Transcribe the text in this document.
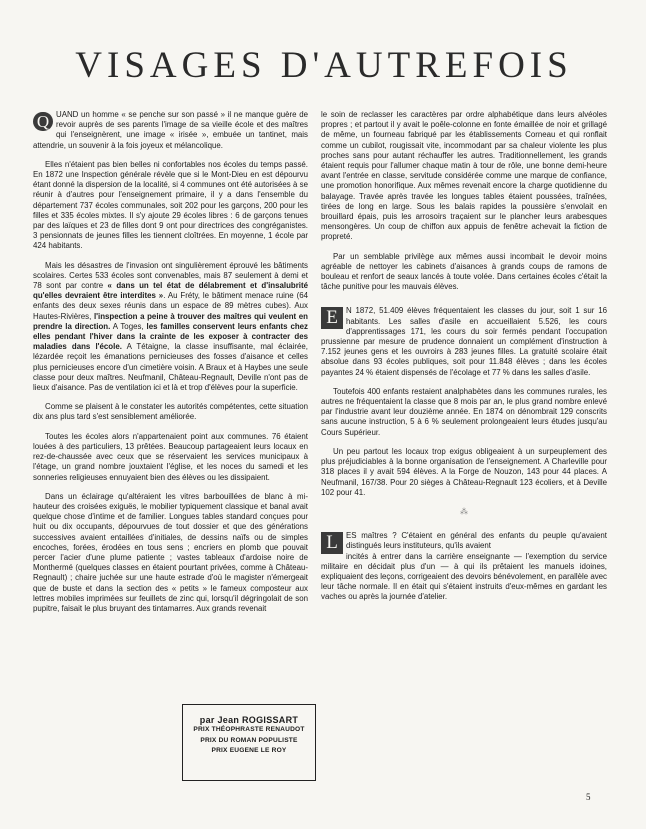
VISAGES D'AUTREFOIS

Q UAND un homme « se penche sur son passé » il ne manque guère de revoir auprès de ses parents l'image de sa vieille école et des maîtres qui l'enseignèrent, une image « irisée », embuée un tantinet, mais attendrie, un souvenir à la fois joyeux et mélancolique.

Elles n'étaient pas bien belles ni confortables nos écoles du temps passé. En 1872 une Inspection générale révèle que si le Mont-Dieu en est dépourvu étant donné la dispersion de la localité, si 4 communes ont été autorisées à se réunir à d'autres pour l'enseignement primaire, il y a dans l'ensemble du département 737 écoles communales, soit 202 pour les garçons, 200 pour les filles et 335 écoles mixtes. Il s'y ajoute 29 écoles libres : 6 de garçons tenues par des laïques et 23 de filles dont 9 ont pour directrices des congréganistes. 3 pensionnats de jeunes filles les tiennent cloîtrées. En moyenne, 1 école par 424 habitants.

Mais les désastres de l'invasion ont singulièrement éprouvé les bâtiments scolaires. Certes 533 écoles sont convenables, mais 87 seulement à demi et 78 sont par contre « dans un tel état de délabrement et d'insalubrité qu'elles devraient être interdites ». Au Fréty, le bâtiment menace ruine (64 enfants des deux sexes réunis dans un espace de 89 mètres cubes). Aux Hautes-Rivières, l'inspection a peine à trouver des maîtres qui veulent en prendre la direction. A Toges, les familles conservent leurs enfants chez elles pendant l'hiver dans la crainte de les exposer à contracter des maladies dans l'école. A Tétaigne, la classe insuffisante, mal éclairée, lézardée reçoit les émanations pernicieuses des fosses d'aisance et celles plus pernicieuses encore d'un cimetière voisin. A Braux et à Haybes une seule classe pour deux maîtres. Neufmanil, Château-Regnault, Deville n'ont pas de lieux d'aisance. Pas de ventilation ici et là et trop d'élèves pour la superficie.

Comme se plaisent à le constater les autorités compétentes, cette situation dix ans plus tard s'est sensiblement améliorée.

Toutes les écoles alors n'appartenaient point aux communes. 76 étaient louées à des particuliers, 13 prêtées. Beaucoup partageaient leurs locaux en rez-de-chaussée avec ceux que se réservaient les services municipaux à l'étage, un grand nombre jouxtaient l'église, et les noces du samedi et les sonneries religieuses ennuyaient bien des élèves ou les dissipaient.

Dans un éclairage qu'altéraient les vitres barbouillées de blanc à mi-hauteur des croisées exiguës, le mobilier typiquement classique et banal avait quelque chose d'intime et de familier. Longues tables standard conçues pour huit ou dix occupants, dépourvues de tout dossier et que des générations successives avaient entaillées d'initiales, de dessins naïfs ou de simples encoches, forées, érodées en tous sens ; encriers en plomb que pouvait percer l'acier d'une plume patiente ; vastes tableaux d'ardoise noire de Monthermé (quelques classes en étaient pourtant privées, comme à Château-Regnault) ; chaire juchée sur une haute estrade d'où le magister n'émergeait que de buste et dans la section des « petits » le fameux composteur aux lettres mobiles imprimées sur feuillets de zinc qui, lorsqu'il dégringolait de son pupitre, faisait le plus bruyant des tintamarres. Aux grands revenait

par Jean ROGISSART
PRIX THÉOPHRASTE RENAUDOT
PRIX DU ROMAN POPULISTE
PRIX EUGENE LE ROY

le soin de reclasser les caractères par ordre alphabétique dans leurs alvéoles propres ; et partout il y avait le poêle-colonne en fonte émaillée de noir et grillagé de même, un fourneau fabriqué par les établissements Corneau et qui ronflait comme un cubilot, rougissait vite, incommodant par sa chaleur violente les plus proches sans pour autant réchauffer les autres. Traditionnellement, les grands étaient requis pour l'allumer chaque matin à tour de rôle, une bonne demi-heure avant l'entrée en classe, servitude considérée comme une marque de confiance, une promotion honorifique. Aux mêmes revenait encore la charge quotidienne du balayage. Travée après travée les longues tables étaient poussées, traînées, tirées de long en large. Sous les balais rapides la poussière s'envolait en brouillard épais, puis les arrosoirs traçaient sur le plancher leurs arabesques mensongères. Un coup de chiffon aux appuis de fenêtre achevait la fiction de propreté.

Par un semblable privilège aux mêmes aussi incombait le devoir moins agréable de nettoyer les cabinets d'aisances à grands coups de ramons de bouleau et renfort de seaux lancés à toute volée. Dans certaines écoles c'était la tâche punitive pour les mauvais élèves.

E	N 1872, 51.409 élèves fréquentaient les classes du jour, soit 1 sur 16 habitants. Les salles d'asile en accueillaient 5.526, les cours d'apprentissages 171, les cours du soir fermés pendant l'occupation prussienne par mesure de prudence donnaient un complément d'instruction à 7.152 jeunes gens et les ouvroirs à 283 jeunes filles. La gratuité scolaire était absolue dans 93 écoles publiques, soit pour 11.848 élèves ; dans les écoles payantes 24 % étaient dispensés de l'écolage et 77 % dans les salles d'asile.

Toutefois 400 enfants restaient analphabètes dans les communes rurales, les autres ne fréquentaient la classe que 8 mois par an, le plus grand nombre enlevé par l'industrie avant leur douzième année. En 1874 on dénombrait 129 conscrits sans aucune instruction, 5 à 6 % seulement prolongeaient leurs études jusqu'au Cours Supérieur.

Un peu partout les locaux trop exigus obligeaient à un surpeuplement des plus préjudiciables à la bonne organisation de l'enseignement. A Charleville pour 318 places il y avait 594 élèves. A la Forge de Nouzon, 143 pour 44 places. A Neufmanil, 167/38. Pour 20 sièges à Château-Regnault 123 écoliers, et à Deville 102 pour 41.

⁂

L	ES maîtres ? C'étaient en général des enfants du peuple qu'avaient distingués leurs instituteurs, qu'ils avaient

incités à entrer dans la carrière enseignante — l'exemption du service militaire en décidait plus d'un — à qui ils prêtaient les manuels idoines, expliquaient des leçons, corrigeaient des devoirs bénévolement, en parallèle avec leur tâche normale. Il en était qui s'étaient instruits d'eux-mêmes en gardant les vaches ou après la journée d'atelier.

5
